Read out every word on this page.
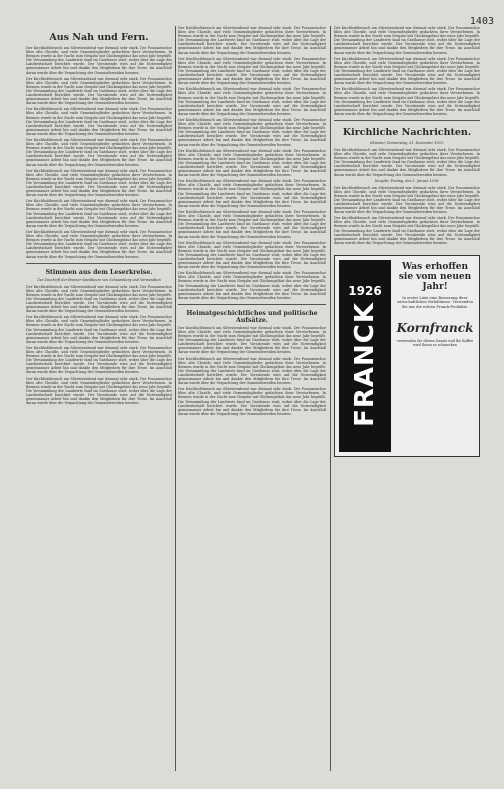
1403
Aus Nah und Fern.

Der Kirchhofsbesuch am Silvesterabend war diesmal sehr stark. Der Posaunenchor blies alte Choräle, und viele Gemeindeglieder gedachten ihrer Verstorbenen. In Bremen wurde in der Nacht zum Neujahr mit Glockengeläut das neue Jahr begrüßt. Die Versammlung der Landwirte fand im Gasthause statt, wobei über die Lage der Landwirtschaft berichtet wurde. Der Vorsitzende wies auf die Notwendigkeit gemeinsamer Arbeit hin und dankte den Mitgliedern für ihre Treue. Im Anschluß daran wurde über die Verpachtung der Gemeindeweiden beraten.

Der Kirchhofsbesuch am Silvesterabend war diesmal sehr stark. Der Posaunenchor blies alte Choräle, und viele Gemeindeglieder gedachten ihrer Verstorbenen. In Bremen wurde in der Nacht zum Neujahr mit Glockengeläut das neue Jahr begrüßt. Die Versammlung der Landwirte fand im Gasthause statt, wobei über die Lage der Landwirtschaft berichtet wurde. Der Vorsitzende wies auf die Notwendigkeit gemeinsamer Arbeit hin und dankte den Mitgliedern für ihre Treue. Im Anschluß daran wurde über die Verpachtung der Gemeindeweiden beraten.

Der Kirchhofsbesuch am Silvesterabend war diesmal sehr stark. Der Posaunenchor blies alte Choräle, und viele Gemeindeglieder gedachten ihrer Verstorbenen. In Bremen wurde in der Nacht zum Neujahr mit Glockengeläut das neue Jahr begrüßt. Die Versammlung der Landwirte fand im Gasthause statt, wobei über die Lage der Landwirtschaft berichtet wurde. Der Vorsitzende wies auf die Notwendigkeit gemeinsamer Arbeit hin und dankte den Mitgliedern für ihre Treue. Im Anschluß daran wurde über die Verpachtung der Gemeindeweiden beraten.

Der Kirchhofsbesuch am Silvesterabend war diesmal sehr stark. Der Posaunenchor blies alte Choräle, und viele Gemeindeglieder gedachten ihrer Verstorbenen. In Bremen wurde in der Nacht zum Neujahr mit Glockengeläut das neue Jahr begrüßt. Die Versammlung der Landwirte fand im Gasthause statt, wobei über die Lage der Landwirtschaft berichtet wurde. Der Vorsitzende wies auf die Notwendigkeit gemeinsamer Arbeit hin und dankte den Mitgliedern für ihre Treue. Im Anschluß daran wurde über die Verpachtung der Gemeindeweiden beraten.

Der Kirchhofsbesuch am Silvesterabend war diesmal sehr stark. Der Posaunenchor blies alte Choräle, und viele Gemeindeglieder gedachten ihrer Verstorbenen. In Bremen wurde in der Nacht zum Neujahr mit Glockengeläut das neue Jahr begrüßt. Die Versammlung der Landwirte fand im Gasthause statt, wobei über die Lage der Landwirtschaft berichtet wurde. Der Vorsitzende wies auf die Notwendigkeit gemeinsamer Arbeit hin und dankte den Mitgliedern für ihre Treue. Im Anschluß daran wurde über die Verpachtung der Gemeindeweiden beraten.

Der Kirchhofsbesuch am Silvesterabend war diesmal sehr stark. Der Posaunenchor blies alte Choräle, und viele Gemeindeglieder gedachten ihrer Verstorbenen. In Bremen wurde in der Nacht zum Neujahr mit Glockengeläut das neue Jahr begrüßt. Die Versammlung der Landwirte fand im Gasthause statt, wobei über die Lage der Landwirtschaft berichtet wurde. Der Vorsitzende wies auf die Notwendigkeit gemeinsamer Arbeit hin und dankte den Mitgliedern für ihre Treue. Im Anschluß daran wurde über die Verpachtung der Gemeindeweiden beraten.

Der Kirchhofsbesuch am Silvesterabend war diesmal sehr stark. Der Posaunenchor blies alte Choräle, und viele Gemeindeglieder gedachten ihrer Verstorbenen. In Bremen wurde in der Nacht zum Neujahr mit Glockengeläut das neue Jahr begrüßt. Die Versammlung der Landwirte fand im Gasthause statt, wobei über die Lage der Landwirtschaft berichtet wurde. Der Vorsitzende wies auf die Notwendigkeit gemeinsamer Arbeit hin und dankte den Mitgliedern für ihre Treue. Im Anschluß daran wurde über die Verpachtung der Gemeindeweiden beraten.

Stimmen aus dem Leserkreise.
Zur Zuschrift der Bremer Spediteure von Schaumburg und Verwandten

Der Kirchhofsbesuch am Silvesterabend war diesmal sehr stark. Der Posaunenchor blies alte Choräle, und viele Gemeindeglieder gedachten ihrer Verstorbenen. In Bremen wurde in der Nacht zum Neujahr mit Glockengeläut das neue Jahr begrüßt. Die Versammlung der Landwirte fand im Gasthause statt, wobei über die Lage der Landwirtschaft berichtet wurde. Der Vorsitzende wies auf die Notwendigkeit gemeinsamer Arbeit hin und dankte den Mitgliedern für ihre Treue. Im Anschluß daran wurde über die Verpachtung der Gemeindeweiden beraten.

Der Kirchhofsbesuch am Silvesterabend war diesmal sehr stark. Der Posaunenchor blies alte Choräle, und viele Gemeindeglieder gedachten ihrer Verstorbenen. In Bremen wurde in der Nacht zum Neujahr mit Glockengeläut das neue Jahr begrüßt. Die Versammlung der Landwirte fand im Gasthause statt, wobei über die Lage der Landwirtschaft berichtet wurde. Der Vorsitzende wies auf die Notwendigkeit gemeinsamer Arbeit hin und dankte den Mitgliedern für ihre Treue. Im Anschluß daran wurde über die Verpachtung der Gemeindeweiden beraten.

Der Kirchhofsbesuch am Silvesterabend war diesmal sehr stark. Der Posaunenchor blies alte Choräle, und viele Gemeindeglieder gedachten ihrer Verstorbenen. In Bremen wurde in der Nacht zum Neujahr mit Glockengeläut das neue Jahr begrüßt. Die Versammlung der Landwirte fand im Gasthause statt, wobei über die Lage der Landwirtschaft berichtet wurde. Der Vorsitzende wies auf die Notwendigkeit gemeinsamer Arbeit hin und dankte den Mitgliedern für ihre Treue. Im Anschluß daran wurde über die Verpachtung der Gemeindeweiden beraten.

Der Kirchhofsbesuch am Silvesterabend war diesmal sehr stark. Der Posaunenchor blies alte Choräle, und viele Gemeindeglieder gedachten ihrer Verstorbenen. In Bremen wurde in der Nacht zum Neujahr mit Glockengeläut das neue Jahr begrüßt. Die Versammlung der Landwirte fand im Gasthause statt, wobei über die Lage der Landwirtschaft berichtet wurde. Der Vorsitzende wies auf die Notwendigkeit gemeinsamer Arbeit hin und dankte den Mitgliedern für ihre Treue. Im Anschluß daran wurde über die Verpachtung der Gemeindeweiden beraten.

Der Kirchhofsbesuch am Silvesterabend war diesmal sehr stark. Der Posaunenchor blies alte Choräle, und viele Gemeindeglieder gedachten ihrer Verstorbenen. In Bremen wurde in der Nacht zum Neujahr mit Glockengeläut das neue Jahr begrüßt. Die Versammlung der Landwirte fand im Gasthause statt, wobei über die Lage der Landwirtschaft berichtet wurde. Der Vorsitzende wies auf die Notwendigkeit gemeinsamer Arbeit hin und dankte den Mitgliedern für ihre Treue. Im Anschluß daran wurde über die Verpachtung der Gemeindeweiden beraten.

Der Kirchhofsbesuch am Silvesterabend war diesmal sehr stark. Der Posaunenchor blies alte Choräle, und viele Gemeindeglieder gedachten ihrer Verstorbenen. In Bremen wurde in der Nacht zum Neujahr mit Glockengeläut das neue Jahr begrüßt. Die Versammlung der Landwirte fand im Gasthause statt, wobei über die Lage der Landwirtschaft berichtet wurde. Der Vorsitzende wies auf die Notwendigkeit gemeinsamer Arbeit hin und dankte den Mitgliedern für ihre Treue. Im Anschluß daran wurde über die Verpachtung der Gemeindeweiden beraten.

Der Kirchhofsbesuch am Silvesterabend war diesmal sehr stark. Der Posaunenchor blies alte Choräle, und viele Gemeindeglieder gedachten ihrer Verstorbenen. In Bremen wurde in der Nacht zum Neujahr mit Glockengeläut das neue Jahr begrüßt. Die Versammlung der Landwirte fand im Gasthause statt, wobei über die Lage der Landwirtschaft berichtet wurde. Der Vorsitzende wies auf die Notwendigkeit gemeinsamer Arbeit hin und dankte den Mitgliedern für ihre Treue. Im Anschluß daran wurde über die Verpachtung der Gemeindeweiden beraten.

Der Kirchhofsbesuch am Silvesterabend war diesmal sehr stark. Der Posaunenchor blies alte Choräle, und viele Gemeindeglieder gedachten ihrer Verstorbenen. In Bremen wurde in der Nacht zum Neujahr mit Glockengeläut das neue Jahr begrüßt. Die Versammlung der Landwirte fand im Gasthause statt, wobei über die Lage der Landwirtschaft berichtet wurde. Der Vorsitzende wies auf die Notwendigkeit gemeinsamer Arbeit hin und dankte den Mitgliedern für ihre Treue. Im Anschluß daran wurde über die Verpachtung der Gemeindeweiden beraten.

Der Kirchhofsbesuch am Silvesterabend war diesmal sehr stark. Der Posaunenchor blies alte Choräle, und viele Gemeindeglieder gedachten ihrer Verstorbenen. In Bremen wurde in der Nacht zum Neujahr mit Glockengeläut das neue Jahr begrüßt. Die Versammlung der Landwirte fand im Gasthause statt, wobei über die Lage der Landwirtschaft berichtet wurde. Der Vorsitzende wies auf die Notwendigkeit gemeinsamer Arbeit hin und dankte den Mitgliedern für ihre Treue. Im Anschluß daran wurde über die Verpachtung der Gemeindeweiden beraten.

Der Kirchhofsbesuch am Silvesterabend war diesmal sehr stark. Der Posaunenchor blies alte Choräle, und viele Gemeindeglieder gedachten ihrer Verstorbenen. In Bremen wurde in der Nacht zum Neujahr mit Glockengeläut das neue Jahr begrüßt. Die Versammlung der Landwirte fand im Gasthause statt, wobei über die Lage der Landwirtschaft berichtet wurde. Der Vorsitzende wies auf die Notwendigkeit gemeinsamer Arbeit hin und dankte den Mitgliedern für ihre Treue. Im Anschluß daran wurde über die Verpachtung der Gemeindeweiden beraten.

Der Kirchhofsbesuch am Silvesterabend war diesmal sehr stark. Der Posaunenchor blies alte Choräle, und viele Gemeindeglieder gedachten ihrer Verstorbenen. In Bremen wurde in der Nacht zum Neujahr mit Glockengeläut das neue Jahr begrüßt. Die Versammlung der Landwirte fand im Gasthause statt, wobei über die Lage der Landwirtschaft berichtet wurde. Der Vorsitzende wies auf die Notwendigkeit gemeinsamer Arbeit hin und dankte den Mitgliedern für ihre Treue. Im Anschluß daran wurde über die Verpachtung der Gemeindeweiden beraten.

Der Kirchhofsbesuch am Silvesterabend war diesmal sehr stark. Der Posaunenchor blies alte Choräle, und viele Gemeindeglieder gedachten ihrer Verstorbenen. In Bremen wurde in der Nacht zum Neujahr mit Glockengeläut das neue Jahr begrüßt. Die Versammlung der Landwirte fand im Gasthause statt, wobei über die Lage der Landwirtschaft berichtet wurde. Der Vorsitzende wies auf die Notwendigkeit gemeinsamer Arbeit hin und dankte den Mitgliedern für ihre Treue. Im Anschluß daran wurde über die Verpachtung der Gemeindeweiden beraten.

Der Kirchhofsbesuch am Silvesterabend war diesmal sehr stark. Der Posaunenchor blies alte Choräle, und viele Gemeindeglieder gedachten ihrer Verstorbenen. In Bremen wurde in der Nacht zum Neujahr mit Glockengeläut das neue Jahr begrüßt. Die Versammlung der Landwirte fand im Gasthause statt, wobei über die Lage der Landwirtschaft berichtet wurde. Der Vorsitzende wies auf die Notwendigkeit gemeinsamer Arbeit hin und dankte den Mitgliedern für ihre Treue. Im Anschluß daran wurde über die Verpachtung der Gemeindeweiden beraten.

Heimatgeschichtliches und politische Aufsätze.

Der Kirchhofsbesuch am Silvesterabend war diesmal sehr stark. Der Posaunenchor blies alte Choräle, und viele Gemeindeglieder gedachten ihrer Verstorbenen. In Bremen wurde in der Nacht zum Neujahr mit Glockengeläut das neue Jahr begrüßt. Die Versammlung der Landwirte fand im Gasthause statt, wobei über die Lage der Landwirtschaft berichtet wurde. Der Vorsitzende wies auf die Notwendigkeit gemeinsamer Arbeit hin und dankte den Mitgliedern für ihre Treue. Im Anschluß daran wurde über die Verpachtung der Gemeindeweiden beraten.

Der Kirchhofsbesuch am Silvesterabend war diesmal sehr stark. Der Posaunenchor blies alte Choräle, und viele Gemeindeglieder gedachten ihrer Verstorbenen. In Bremen wurde in der Nacht zum Neujahr mit Glockengeläut das neue Jahr begrüßt. Die Versammlung der Landwirte fand im Gasthause statt, wobei über die Lage der Landwirtschaft berichtet wurde. Der Vorsitzende wies auf die Notwendigkeit gemeinsamer Arbeit hin und dankte den Mitgliedern für ihre Treue. Im Anschluß daran wurde über die Verpachtung der Gemeindeweiden beraten.

Der Kirchhofsbesuch am Silvesterabend war diesmal sehr stark. Der Posaunenchor blies alte Choräle, und viele Gemeindeglieder gedachten ihrer Verstorbenen. In Bremen wurde in der Nacht zum Neujahr mit Glockengeläut das neue Jahr begrüßt. Die Versammlung der Landwirte fand im Gasthause statt, wobei über die Lage der Landwirtschaft berichtet wurde. Der Vorsitzende wies auf die Notwendigkeit gemeinsamer Arbeit hin und dankte den Mitgliedern für ihre Treue. Im Anschluß daran wurde über die Verpachtung der Gemeindeweiden beraten.

Der Kirchhofsbesuch am Silvesterabend war diesmal sehr stark. Der Posaunenchor blies alte Choräle, und viele Gemeindeglieder gedachten ihrer Verstorbenen. In Bremen wurde in der Nacht zum Neujahr mit Glockengeläut das neue Jahr begrüßt. Die Versammlung der Landwirte fand im Gasthause statt, wobei über die Lage der Landwirtschaft berichtet wurde. Der Vorsitzende wies auf die Notwendigkeit gemeinsamer Arbeit hin und dankte den Mitgliedern für ihre Treue. Im Anschluß daran wurde über die Verpachtung der Gemeindeweiden beraten.

Der Kirchhofsbesuch am Silvesterabend war diesmal sehr stark. Der Posaunenchor blies alte Choräle, und viele Gemeindeglieder gedachten ihrer Verstorbenen. In Bremen wurde in der Nacht zum Neujahr mit Glockengeläut das neue Jahr begrüßt. Die Versammlung der Landwirte fand im Gasthause statt, wobei über die Lage der Landwirtschaft berichtet wurde. Der Vorsitzende wies auf die Notwendigkeit gemeinsamer Arbeit hin und dankte den Mitgliedern für ihre Treue. Im Anschluß daran wurde über die Verpachtung der Gemeindeweiden beraten.

Der Kirchhofsbesuch am Silvesterabend war diesmal sehr stark. Der Posaunenchor blies alte Choräle, und viele Gemeindeglieder gedachten ihrer Verstorbenen. In Bremen wurde in der Nacht zum Neujahr mit Glockengeläut das neue Jahr begrüßt. Die Versammlung der Landwirte fand im Gasthause statt, wobei über die Lage der Landwirtschaft berichtet wurde. Der Vorsitzende wies auf die Notwendigkeit gemeinsamer Arbeit hin und dankte den Mitgliedern für ihre Treue. Im Anschluß daran wurde über die Verpachtung der Gemeindeweiden beraten.

Kirchliche Nachrichten.
Silvester, Donnerstag, 31. Dezember 1925:

Der Kirchhofsbesuch am Silvesterabend war diesmal sehr stark. Der Posaunenchor blies alte Choräle, und viele Gemeindeglieder gedachten ihrer Verstorbenen. In Bremen wurde in der Nacht zum Neujahr mit Glockengeläut das neue Jahr begrüßt. Die Versammlung der Landwirte fand im Gasthause statt, wobei über die Lage der Landwirtschaft berichtet wurde. Der Vorsitzende wies auf die Notwendigkeit gemeinsamer Arbeit hin und dankte den Mitgliedern für ihre Treue. Im Anschluß daran wurde über die Verpachtung der Gemeindeweiden beraten.

Neujahr, Freitag, den 1. Januar 1926:

Der Kirchhofsbesuch am Silvesterabend war diesmal sehr stark. Der Posaunenchor blies alte Choräle, und viele Gemeindeglieder gedachten ihrer Verstorbenen. In Bremen wurde in der Nacht zum Neujahr mit Glockengeläut das neue Jahr begrüßt. Die Versammlung der Landwirte fand im Gasthause statt, wobei über die Lage der Landwirtschaft berichtet wurde. Der Vorsitzende wies auf die Notwendigkeit gemeinsamer Arbeit hin und dankte den Mitgliedern für ihre Treue. Im Anschluß daran wurde über die Verpachtung der Gemeindeweiden beraten.

Der Kirchhofsbesuch am Silvesterabend war diesmal sehr stark. Der Posaunenchor blies alte Choräle, und viele Gemeindeglieder gedachten ihrer Verstorbenen. In Bremen wurde in der Nacht zum Neujahr mit Glockengeläut das neue Jahr begrüßt. Die Versammlung der Landwirte fand im Gasthause statt, wobei über die Lage der Landwirtschaft berichtet wurde. Der Vorsitzende wies auf die Notwendigkeit gemeinsamer Arbeit hin und dankte den Mitgliedern für ihre Treue. Im Anschluß daran wurde über die Verpachtung der Gemeindeweiden beraten.

1926
FRANCK
Was erhoffen sie vom neuen Jahr!
In erster Linie eine Besserung ihrer wirtschaftlichen Verhältnisse. Verwenden Sie nur die echten Franck-Produkte.
Kornfranck
verwenden Sie diesen Zusatz und Ihr Kaffee wird Ihnen so schmecken
